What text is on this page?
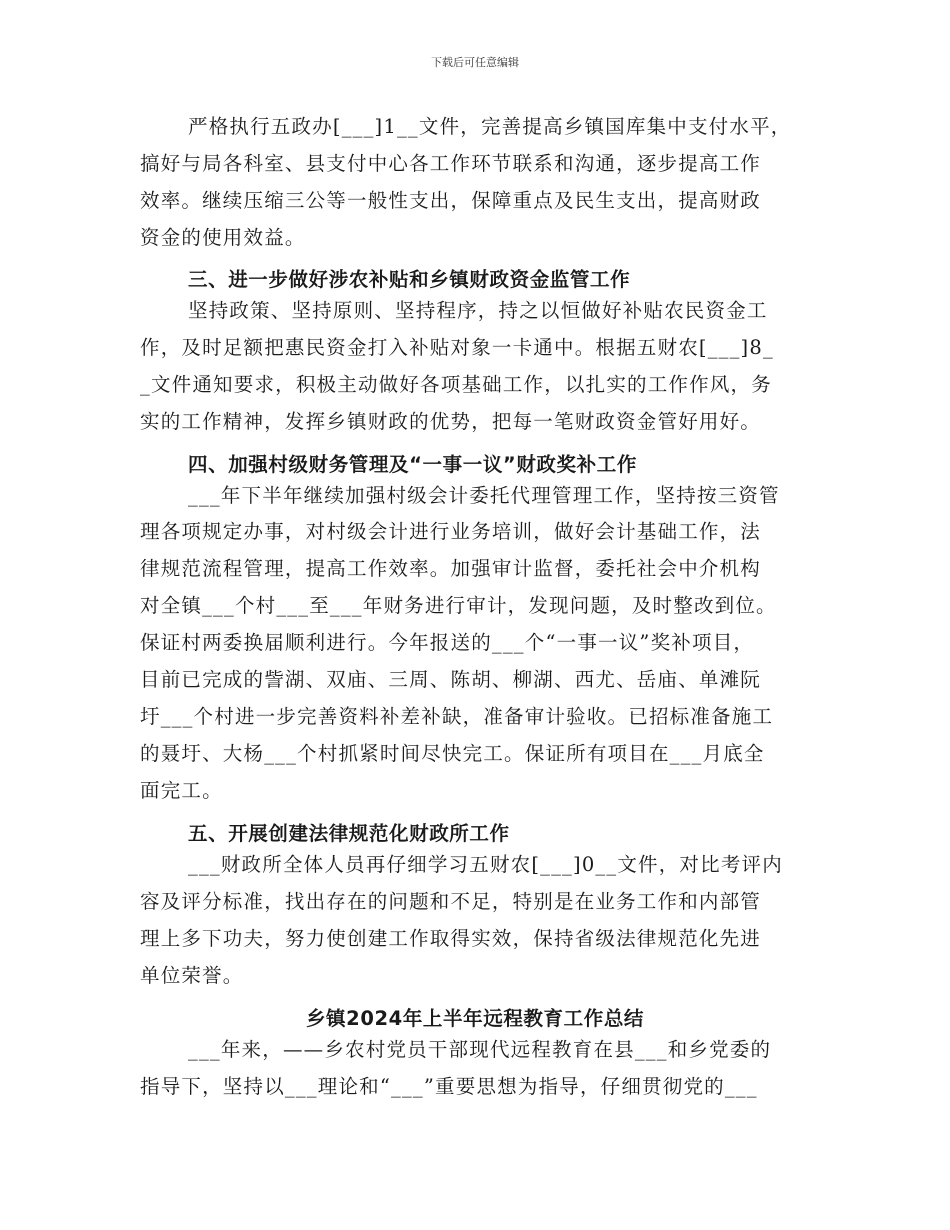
下载后可任意编辑
严格执行五政办[___]1__文件，完善提高乡镇国库集中支付水平，
搞好与局各科室、县支付中心各工作环节联系和沟通，逐步提高工作
效率。继续压缩三公等一般性支出，保障重点及民生支出，提高财政
资金的使用效益。
三、进一步做好涉农补贴和乡镇财政资金监管工作
坚持政策、坚持原则、坚持程序，持之以恒做好补贴农民资金工
作，及时足额把惠民资金打入补贴对象一卡通中。根据五财农[___]8_
_文件通知要求，积极主动做好各项基础工作，以扎实的工作作风，务
实的工作精神，发挥乡镇财政的优势，把每一笔财政资金管好用好。
四、加强村级财务管理及“一事一议”财政奖补工作
___年下半年继续加强村级会计委托代理管理工作，坚持按三资管
理各项规定办事，对村级会计进行业务培训，做好会计基础工作，法
律规范流程管理，提高工作效率。加强审计监督，委托社会中介机构
对全镇___个村___至___年财务进行审计，发现问题，及时整改到位。
保证村两委换届顺利进行。今年报送的___个“一事一议”奖补项目，
目前已完成的訾湖、双庙、三周、陈胡、柳湖、西尤、岳庙、单滩阮
圩___个村进一步完善资料补差补缺，准备审计验收。已招标准备施工
的聂圩、大杨___个村抓紧时间尽快完工。保证所有项目在___月底全
面完工。
五、开展创建法律规范化财政所工作
___财政所全体人员再仔细学习五财农[___]0__文件，对比考评内
容及评分标准，找出存在的问题和不足，特别是在业务工作和内部管
理上多下功夫，努力使创建工作取得实效，保持省级法律规范化先进
单位荣誉。
乡镇2024年上半年远程教育工作总结
___年来，——乡农村党员干部现代远程教育在县___和乡党委的
指导下，坚持以___理论和“___”重要思想为指导，仔细贯彻党的___
